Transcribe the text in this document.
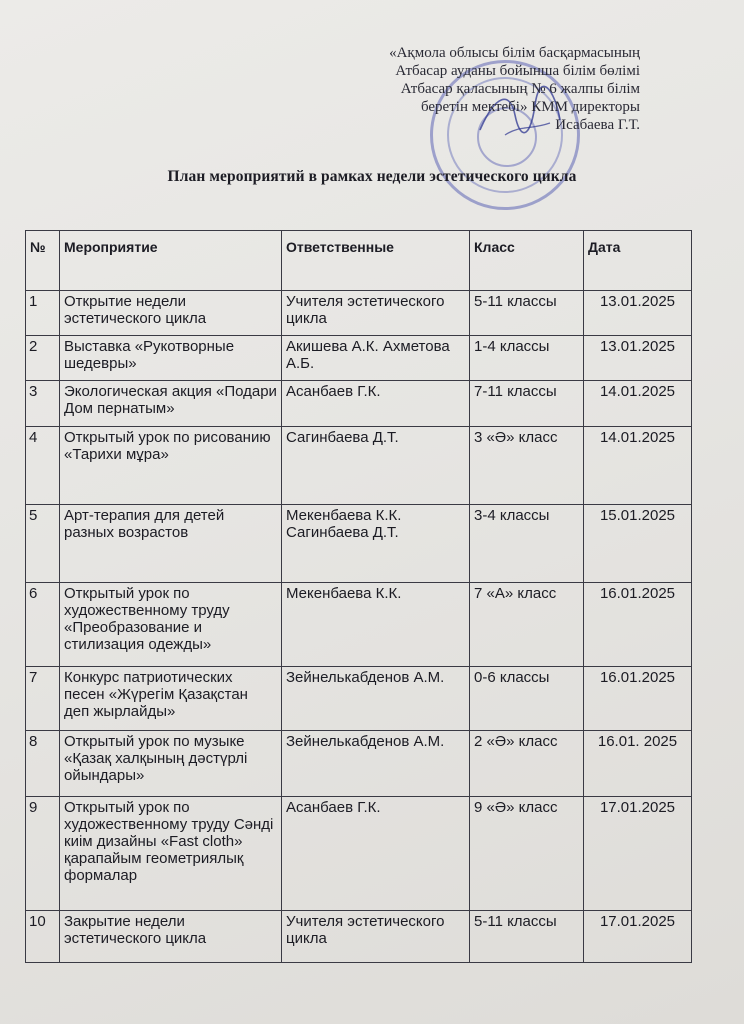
«Ақмола облысы білім басқармасының
Атбасар ауданы бойынша білім бөлімі
Атбасар қаласының № 6 жалпы білім
беретін мектебі» КММ директоры
Исабаева Г.Т.
План мероприятий в рамках недели эстетического цикла
№	Мероприятие	Ответственные	Класс	Дата
1	Открытие недели эстетического цикла	Учителя эстетического цикла	5-11 классы	13.01.2025
2	Выставка «Рукотворные шедевры»	Акишева А.К. Ахметова А.Б.	1-4 классы	13.01.2025
3	Экологическая акция «Подари Дом пернатым»	Асанбаев Г.К.	7-11 классы	14.01.2025
4	Открытый урок по рисованию «Тарихи мұра»	Сагинбаева Д.Т.	3 «Ә» класс	14.01.2025
5	Арт-терапия для детей разных возрастов	Мекенбаева К.К. Сагинбаева Д.Т.	3-4 классы	15.01.2025
6	Открытый урок по художественному труду «Преобразование и стилизация одежды»	Мекенбаева К.К.	7 «А» класс	16.01.2025
7	Конкурс патриотических песен «Жүрегім Қазақстан деп жырлайды»	Зейнелькабденов А.М.	0-6 классы	16.01.2025
8	Открытый урок по музыке «Қазақ халқының дәстүрлі ойындары»	Зейнелькабденов А.М.	2 «Ә» класс	16.01. 2025
9	Открытый урок по художественному труду Сәнді киім дизайны «Fast cloth» қарапайым геометриялық формалар	Асанбаев Г.К.	9 «Ә» класс	17.01.2025
10	Закрытие недели эстетического цикла	Учителя эстетического цикла	5-11 классы	17.01.2025
